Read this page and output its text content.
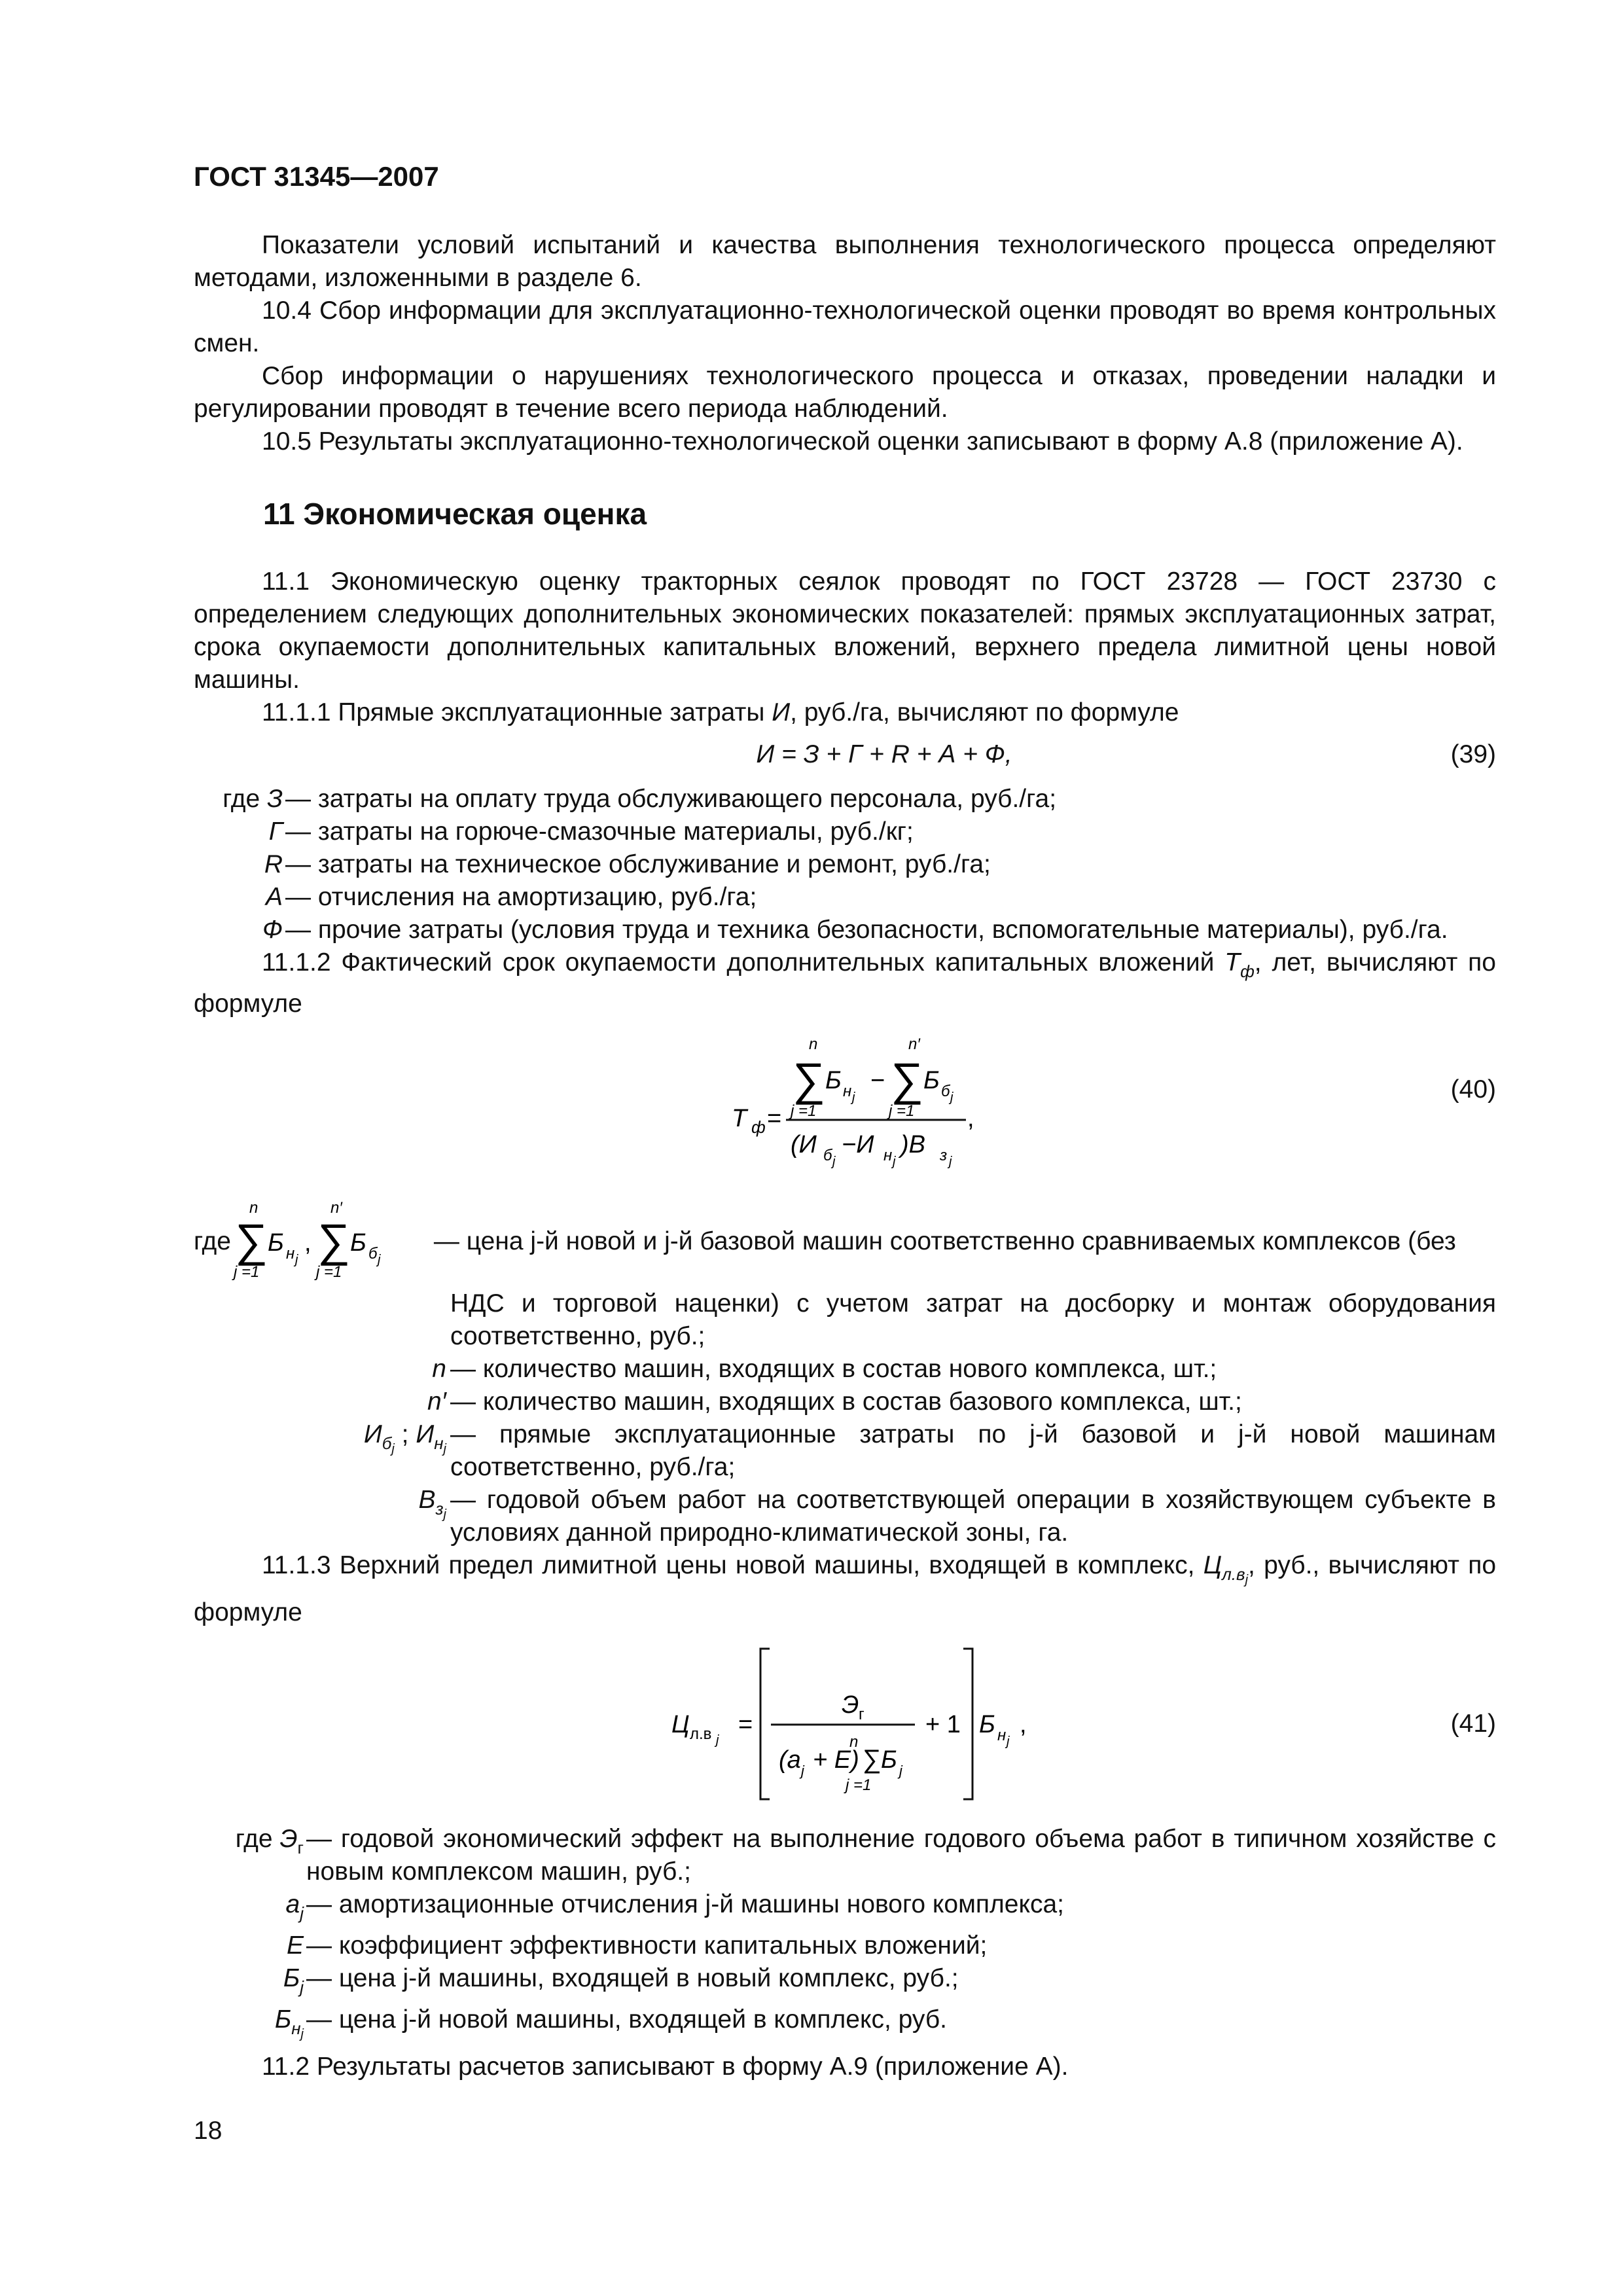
ГОСТ 31345—2007

Показатели условий испытаний и качества выполнения технологического процесса определяют методами, изложенными в разделе 6.

10.4 Сбор информации для эксплуатационно-технологической оценки проводят во время контрольных смен.

Сбор информации о нарушениях технологического процесса и отказах, проведении наладки и регулировании проводят в течение всего периода наблюдений.

10.5 Результаты эксплуатационно-технологической оценки записывают в форму А.8 (приложение А).

11 Экономическая оценка

11.1 Экономическую оценку тракторных сеялок проводят по ГОСТ 23728 — ГОСТ 23730 с определением следующих дополнительных экономических показателей: прямых эксплуатационных затрат, срока окупаемости дополнительных капитальных вложений, верхнего предела лимитной цены новой машины.

11.1.1 Прямые эксплуатационные затраты И, руб./га, вычисляют по формуле

И = З + Г + R + А + Ф,	(39)
где З — затраты на оплату труда обслуживающего персонала, руб./га;
Г — затраты на горюче-смазочные материалы, руб./кг;
R — затраты на техническое обслуживание и ремонт, руб./га;
А — отчисления на амортизацию, руб./га;
Ф — прочие затраты (условия труда и техника безопасности, вспомогательные материалы), руб./га.

11.1.2 Фактический срок окупаемости дополнительных капитальных вложений $Т_ф$, лет, вычисляют по формуле

Т ф =
n
∑
j =1
Б н j
−
n′
∑
j =1
Б б j
(И б j
−И н j
)В з j
,
(40)
где
n
∑
j =1
Б н j
,
n′
∑
j =1
Б б j
— цена j-й новой и j-й базовой машин соответственно сравниваемых комплексов (без
НДС и торговой наценки) с учетом затрат на досборку и монтаж оборудования соответственно, руб.;
n — количество машин, входящих в состав нового комплекса, шт.;
n′ — количество машин, входящих в состав базового комплекса, шт.;
$И_{бj}$ ; $И_{нj}$
— прямые эксплуатационные затраты по j-й базовой и j-й новой машинам соответственно, руб./га;
$В_{зj}$
— годовой объем работ на соответствующей операции в хозяйствующем субъекте в условиях данной природно-климатической зоны, га.

11.1.3 Верхний предел лимитной цены новой машины, входящей в комплекс, $Ц_{л.вj}$, руб., вычисляют по формуле

Ц л.в j
=
Э г
n
(a j + E) ∑
j =1
Б j
+ 1 Б н j
,	(41)
где $Э_г$ — годовой экономический эффект на выполнение годового объема работ в типичном хозяйстве с новым комплексом машин, руб.;
$a_j$ — амортизационные отчисления j-й машины нового комплекса;
E — коэффициент эффективности капитальных вложений;
$Б_j$ — цена j-й машины, входящей в новый комплекс, руб.;
$Б_{нj}$
— цена j-й новой машины, входящей в комплекс, руб.

11.2 Результаты расчетов записывают в форму А.9 (приложение А).

18
